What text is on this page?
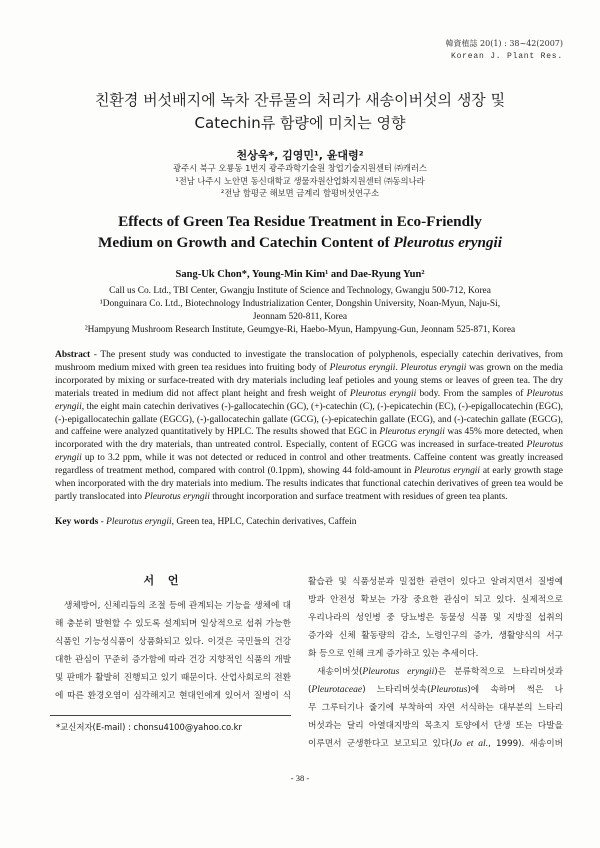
韓資植誌 20(1) : 38~42(2007)
Korean J. Plant Res.
친환경 버섯배지에 녹차 잔류물의 처리가 새송이버섯의 생장 및
Catechin류 함량에 미치는 영향
천상욱*, 김영민¹, 윤대령²
광주시 북구 오룡동 1번지 광주과학기술원 창업기술지원센터 ㈜캐러스
¹전남 나주시 노안면 동신대학교 생물자원산업화지원센터 ㈜동의나라
²전남 함평군 해보면 금계리 함평버섯연구소
Effects of Green Tea Residue Treatment in Eco-Friendly
Medium on Growth and Catechin Content of Pleurotus eryngii
Sang-Uk Chon*, Young-Min Kim¹ and Dae-Ryung Yun²
Call us Co. Ltd., TBI Center, Gwangju Institute of Science and Technology, Gwangju 500-712, Korea
¹Donguinara Co. Ltd., Biotechnology Industrialization Center, Dongshin University, Noan-Myun, Naju-Si,
Jeonnam 520-811, Korea
²Hampyung Mushroom Research Institute, Geumgye-Ri, Haebo-Myun, Hampyung-Gun, Jeonnam 525-871, Korea
Abstract - The present study was conducted to investigate the translocation of polyphenols, especially catechin derivatives, from mushroom medium mixed with green tea residues into fruiting body of Pleurotus eryngii. Pleurotus eryngii was grown on the media incorporated by mixing or surface-treated with dry materials including leaf petioles and young stems or leaves of green tea. The dry materials treated in medium did not affect plant height and fresh weight of Pleurotus eryngii body. From the samples of Pleurotus eryngii, the eight main catechin derivatives (-)-gallocatechin (GC), (+)-catechin (C), (-)-epicatechin (EC), (-)-epigallocatechin (EGC), (-)-epigallocatechin gallate (EGCG), (-)-gallocatechin gallate (GCG), (-)-epicatechin gallate (ECG), and (-)-catechin gallate (EGCG), and caffeine were analyzed quantitatively by HPLC. The results showed that EGC in Pleurotus eryngii was 45% more detected, when incorporated with the dry materials, than untreated control. Especially, content of EGCG was increased in surface-treated Pleurotus eryngii up to 3.2 ppm, while it was not detected or reduced in control and other treatments. Caffeine content was greatly increased regardless of treatment method, compared with control (0.1ppm), showing 44 fold-amount in Pleurotus eryngii at early growth stage when incorporated with the dry materials into medium. The results indicates that functional catechin derivatives of green tea would be partly translocated into Pleurotus eryngii throught incorporation and surface treatment with residues of green tea plants.
Key words - Pleurotus eryngii, Green tea, HPLC, Catechin derivatives, Caffein
서 언
생체방어, 신체리듬의 조절 등에 관계되는 기능을 생체에 대
해 충분히 발현할 수 있도록 설계되며 일상적으로 섭취 가능한
식품인 기능성식품이 상품화되고 있다. 이것은 국민들의 건강
대한 관심이 꾸준히 증가함에 따라 건강 지향적인 식품의 개발
및 판매가 활발히 진행되고 있기 때문이다. 산업사회로의 전환
에 따른 환경오염이 심각해지고 현대인에게 있어서 질병이 식
*교신저자(E-mail) : chonsu4100@yahoo.co.kr
활습관 및 식품성분과 밀접한 관련이 있다고 알려지면서 질병예
방과 안전성 확보는 가장 중요한 관심이 되고 있다. 실제적으로
우리나라의 성인병 중 당뇨병은 동물성 식품 및 지방질 섭취의
증가와 신체 활동량의 감소, 노령인구의 증가, 생활양식의 서구
화 등으로 인해 크게 증가하고 있는 추세이다.
새송이버섯(Pleurotus eryngii)은 분류학적으로 느타리버섯과
(Pleurotaceae) 느타리버섯속(Pleurotus)에 속하며 썩은 나
무 그루터기나 줄기에 부착하여 자연 서식하는 대부분의 느타리
버섯과는 달리 아열대지방의 목초지 토양에서 단생 또는 다발을
이루면서 군생한다고 보고되고 있다(Jo et al., 1999). 새송이버
- 38 -
